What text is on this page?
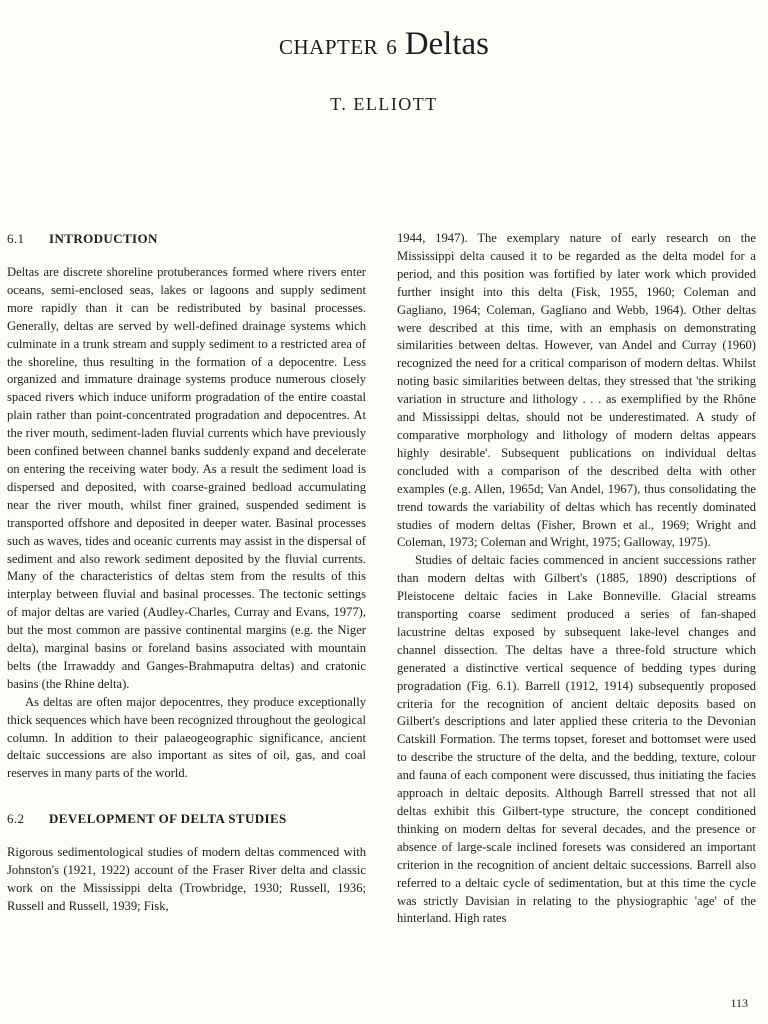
CHAPTER 6 Deltas
T. ELLIOTT
6.1 INTRODUCTION

Deltas are discrete shoreline protuberances formed where rivers enter oceans, semi-enclosed seas, lakes or lagoons and supply sediment more rapidly than it can be redistributed by basinal processes. Generally, deltas are served by well-defined drainage systems which culminate in a trunk stream and supply sediment to a restricted area of the shoreline, thus resulting in the formation of a depocentre. Less organized and immature drainage systems produce numerous closely spaced rivers which induce uniform progradation of the entire coastal plain rather than point-concentrated progradation and depocentres. At the river mouth, sediment-laden fluvial currents which have previously been confined between channel banks suddenly expand and decelerate on entering the receiving water body. As a result the sediment load is dispersed and deposited, with coarse-grained bedload accumulating near the river mouth, whilst finer grained, suspended sediment is transported offshore and deposited in deeper water. Basinal processes such as waves, tides and oceanic currents may assist in the dispersal of sediment and also rework sediment deposited by the fluvial currents. Many of the characteristics of deltas stem from the results of this interplay between fluvial and basinal processes. The tectonic settings of major deltas are varied (Audley-Charles, Curray and Evans, 1977), but the most common are passive continental margins (e.g. the Niger delta), marginal basins or foreland basins associated with mountain belts (the Irrawaddy and Ganges-Brahmaputra deltas) and cratonic basins (the Rhine delta).

As deltas are often major depocentres, they produce exceptionally thick sequences which have been recognized throughout the geological column. In addition to their palaeogeographic significance, ancient deltaic successions are also important as sites of oil, gas, and coal reserves in many parts of the world.

6.2 DEVELOPMENT OF DELTA STUDIES

Rigorous sedimentological studies of modern deltas commenced with Johnston's (1921, 1922) account of the Fraser River delta and classic work on the Mississippi delta (Trowbridge, 1930; Russell, 1936; Russell and Russell, 1939; Fisk,

1944, 1947). The exemplary nature of early research on the Mississippi delta caused it to be regarded as the delta model for a period, and this position was fortified by later work which provided further insight into this delta (Fisk, 1955, 1960; Coleman and Gagliano, 1964; Coleman, Gagliano and Webb, 1964). Other deltas were described at this time, with an emphasis on demonstrating similarities between deltas. However, van Andel and Curray (1960) recognized the need for a critical comparison of modern deltas. Whilst noting basic similarities between deltas, they stressed that 'the striking variation in structure and lithology . . . as exemplified by the Rhône and Mississippi deltas, should not be underestimated. A study of comparative morphology and lithology of modern deltas appears highly desirable'. Subsequent publications on individual deltas concluded with a comparison of the described delta with other examples (e.g. Allen, 1965d; Van Andel, 1967), thus consolidating the trend towards the variability of deltas which has recently dominated studies of modern deltas (Fisher, Brown et al., 1969; Wright and Coleman, 1973; Coleman and Wright, 1975; Galloway, 1975).

Studies of deltaic facies commenced in ancient successions rather than modern deltas with Gilbert's (1885, 1890) descriptions of Pleistocene deltaic facies in Lake Bonneville. Glacial streams transporting coarse sediment produced a series of fan-shaped lacustrine deltas exposed by subsequent lake-level changes and channel dissection. The deltas have a three-fold structure which generated a distinctive vertical sequence of bedding types during progradation (Fig. 6.1). Barrell (1912, 1914) subsequently proposed criteria for the recognition of ancient deltaic deposits based on Gilbert's descriptions and later applied these criteria to the Devonian Catskill Formation. The terms topset, foreset and bottomset were used to describe the structure of the delta, and the bedding, texture, colour and fauna of each component were discussed, thus initiating the facies approach in deltaic deposits. Although Barrell stressed that not all deltas exhibit this Gilbert-type structure, the concept conditioned thinking on modern deltas for several decades, and the presence or absence of large-scale inclined foresets was considered an important criterion in the recognition of ancient deltaic successions. Barrell also referred to a deltaic cycle of sedimentation, but at this time the cycle was strictly Davisian in relating to the physiographic 'age' of the hinterland. High rates

113
